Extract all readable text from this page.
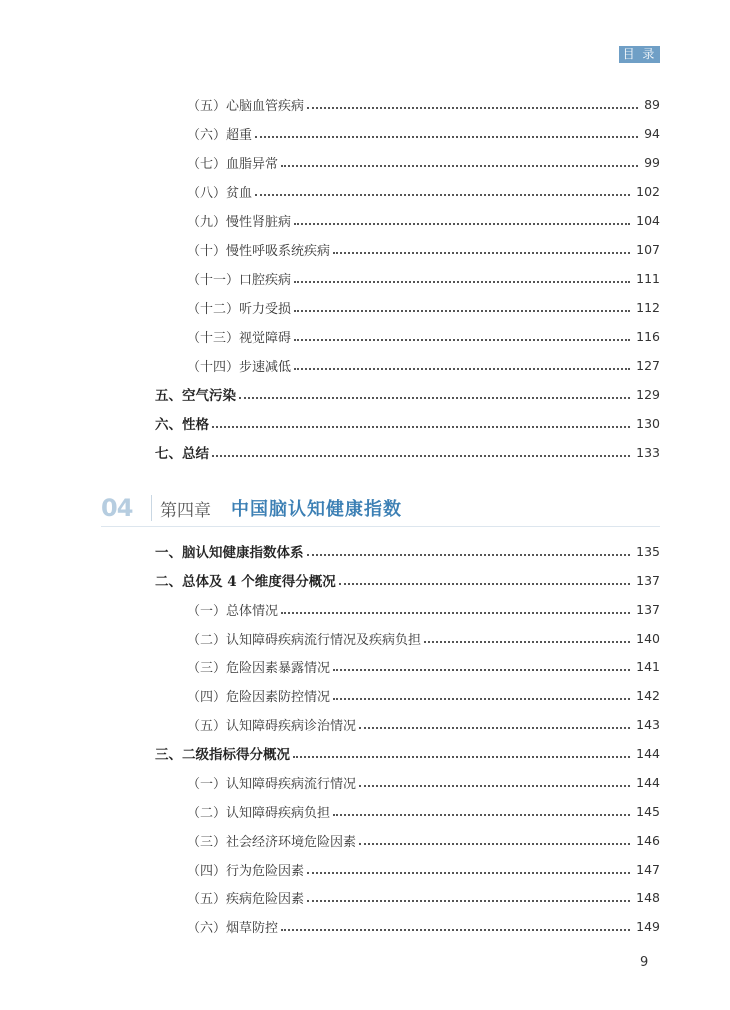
目 录
（五）心脑血管疾病	89
（六）超重	94
（七）血脂异常	99
（八）贫血	102
（九）慢性肾脏病	104
（十）慢性呼吸系统疾病	107
（十一）口腔疾病	111
（十二）听力受损	112
（十三）视觉障碍	116
（十四）步速减低	127
五、空气污染	129
六、性格	130
七、总结	133
04	第四章 中国脑认知健康指数
一、脑认知健康指数体系	135
二、总体及 4 个维度得分概况	137
（一）总体情况	137
（二）认知障碍疾病流行情况及疾病负担	140
（三）危险因素暴露情况	141
（四）危险因素防控情况	142
（五）认知障碍疾病诊治情况	143
三、二级指标得分概况	144
（一）认知障碍疾病流行情况	144
（二）认知障碍疾病负担	145
（三）社会经济环境危险因素	146
（四）行为危险因素	147
（五）疾病危险因素	148
（六）烟草防控	149
9
